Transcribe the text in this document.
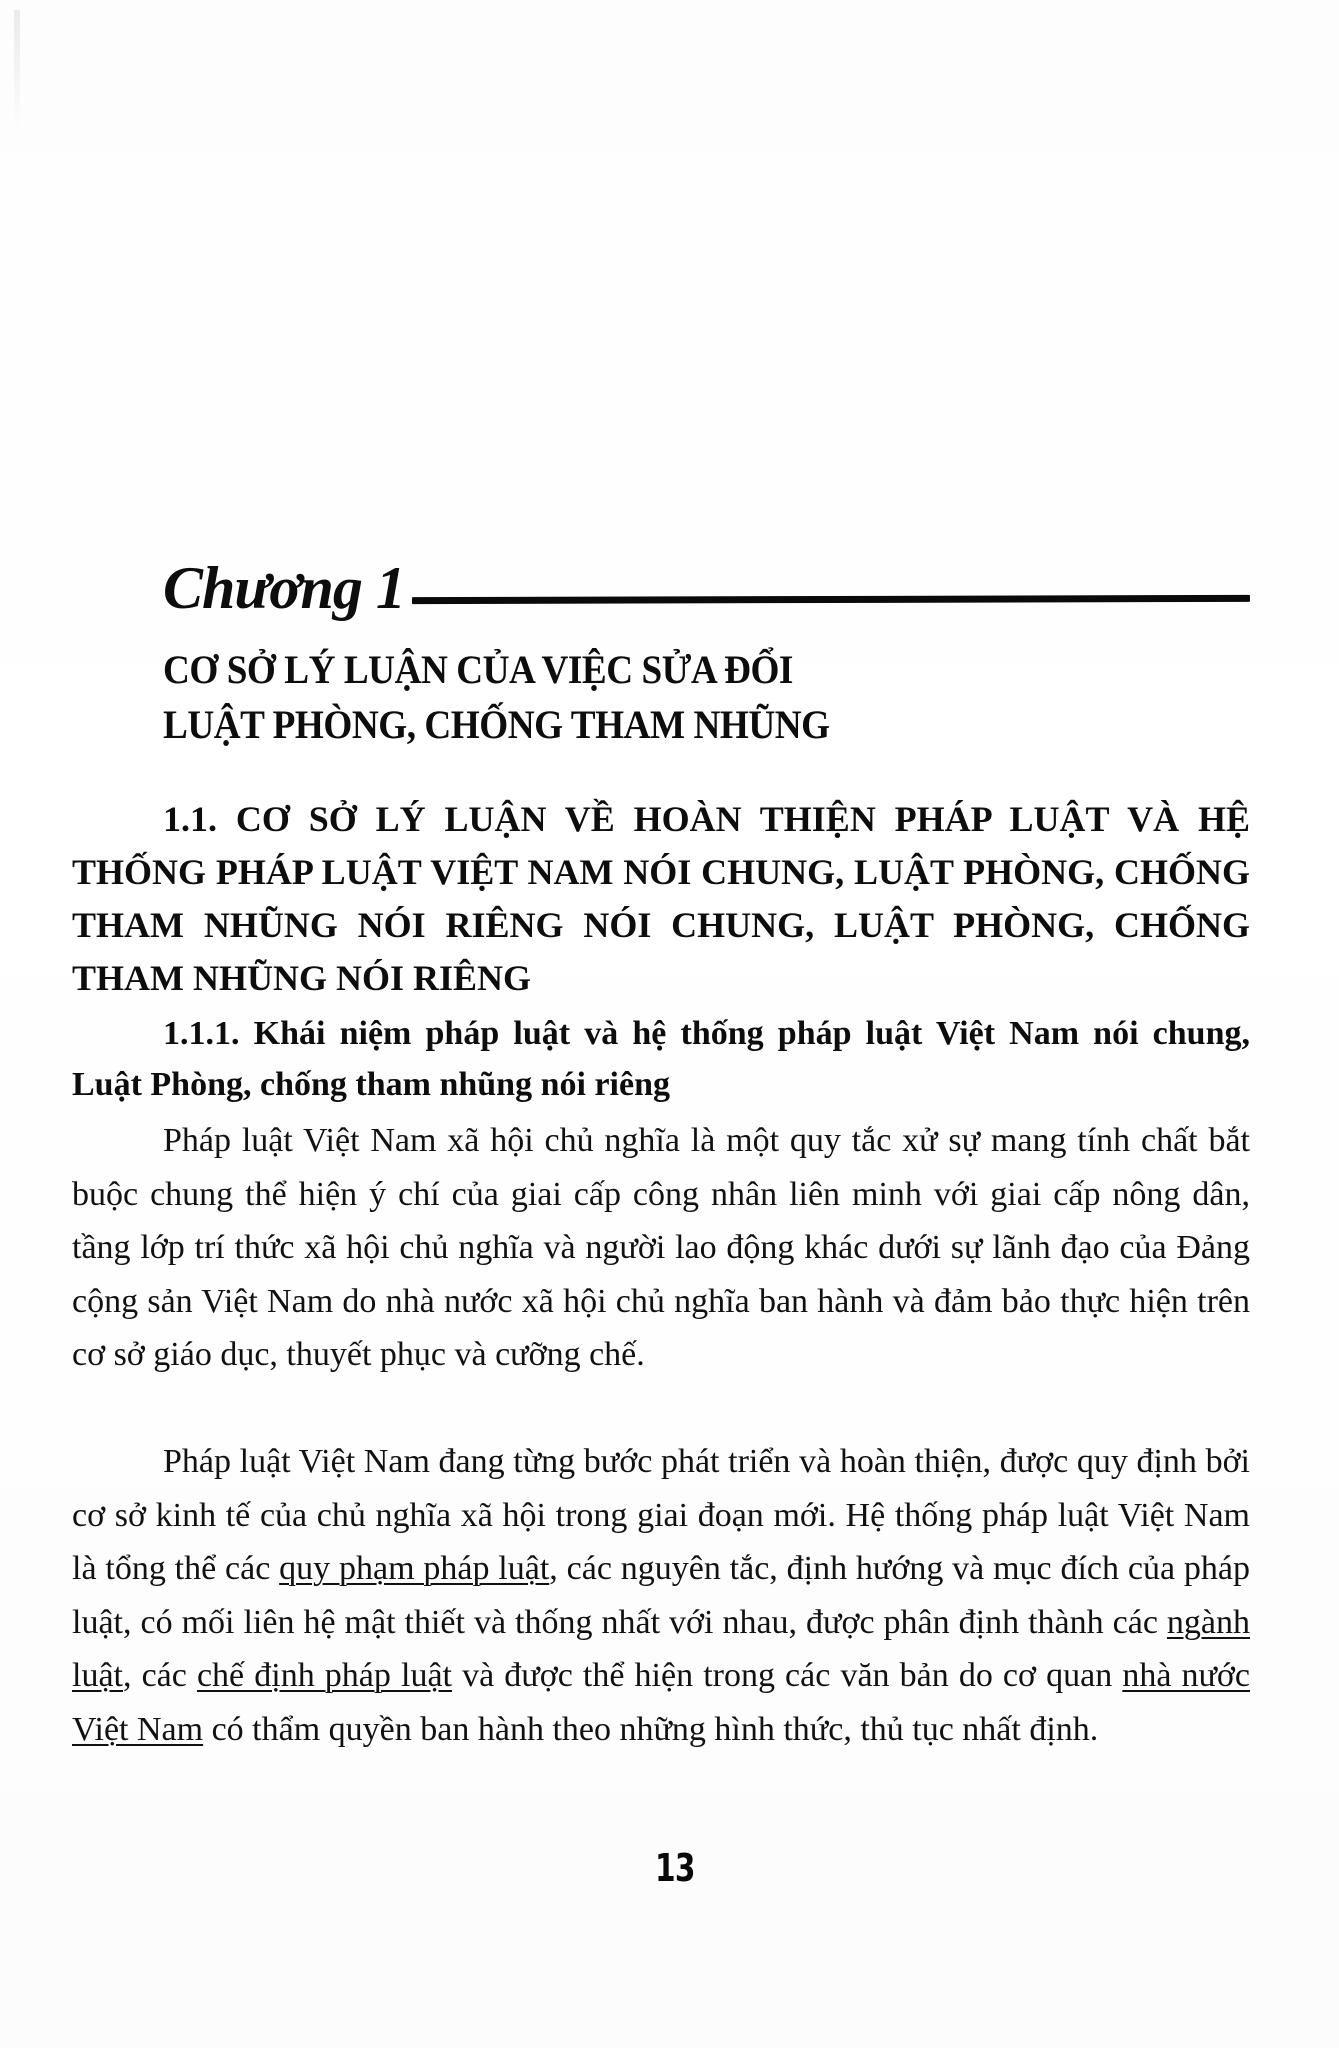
Chương 1
CƠ SỞ LÝ LUẬN CỦA VIỆC SỬA ĐỔI
LUẬT PHÒNG, CHỐNG THAM NHŨNG
1.1. CƠ SỞ LÝ LUẬN VỀ HOÀN THIỆN PHÁP LUẬT VÀ HỆ THỐNG PHÁP LUẬT VIỆT NAM NÓI CHUNG, LUẬT PHÒNG, CHỐNG THAM NHŨNG NÓI RIÊNG NÓI CHUNG, LUẬT PHÒNG, CHỐNG THAM NHŨNG NÓI RIÊNG
1.1.1. Khái niệm pháp luật và hệ thống pháp luật Việt Nam nói chung, Luật Phòng, chống tham nhũng nói riêng

Pháp luật Việt Nam xã hội chủ nghĩa là một quy tắc xử sự mang tính chất bắt buộc chung thể hiện ý chí của giai cấp công nhân liên minh với giai cấp nông dân, tầng lớp trí thức xã hội chủ nghĩa và người lao động khác dưới sự lãnh đạo của Đảng cộng sản Việt Nam do nhà nước xã hội chủ nghĩa ban hành và đảm bảo thực hiện trên cơ sở giáo dục, thuyết phục và cưỡng chế.

Pháp luật Việt Nam đang từng bước phát triển và hoàn thiện, được quy định bởi cơ sở kinh tế của chủ nghĩa xã hội trong giai đoạn mới. Hệ thống pháp luật Việt Nam là tổng thể các quy phạm pháp luật, các nguyên tắc, định hướng và mục đích của pháp luật, có mối liên hệ mật thiết và thống nhất với nhau, được phân định thành các ngành luật, các chế định pháp luật và được thể hiện trong các văn bản do cơ quan nhà nước Việt Nam có thẩm quyền ban hành theo những hình thức, thủ tục nhất định.

13
